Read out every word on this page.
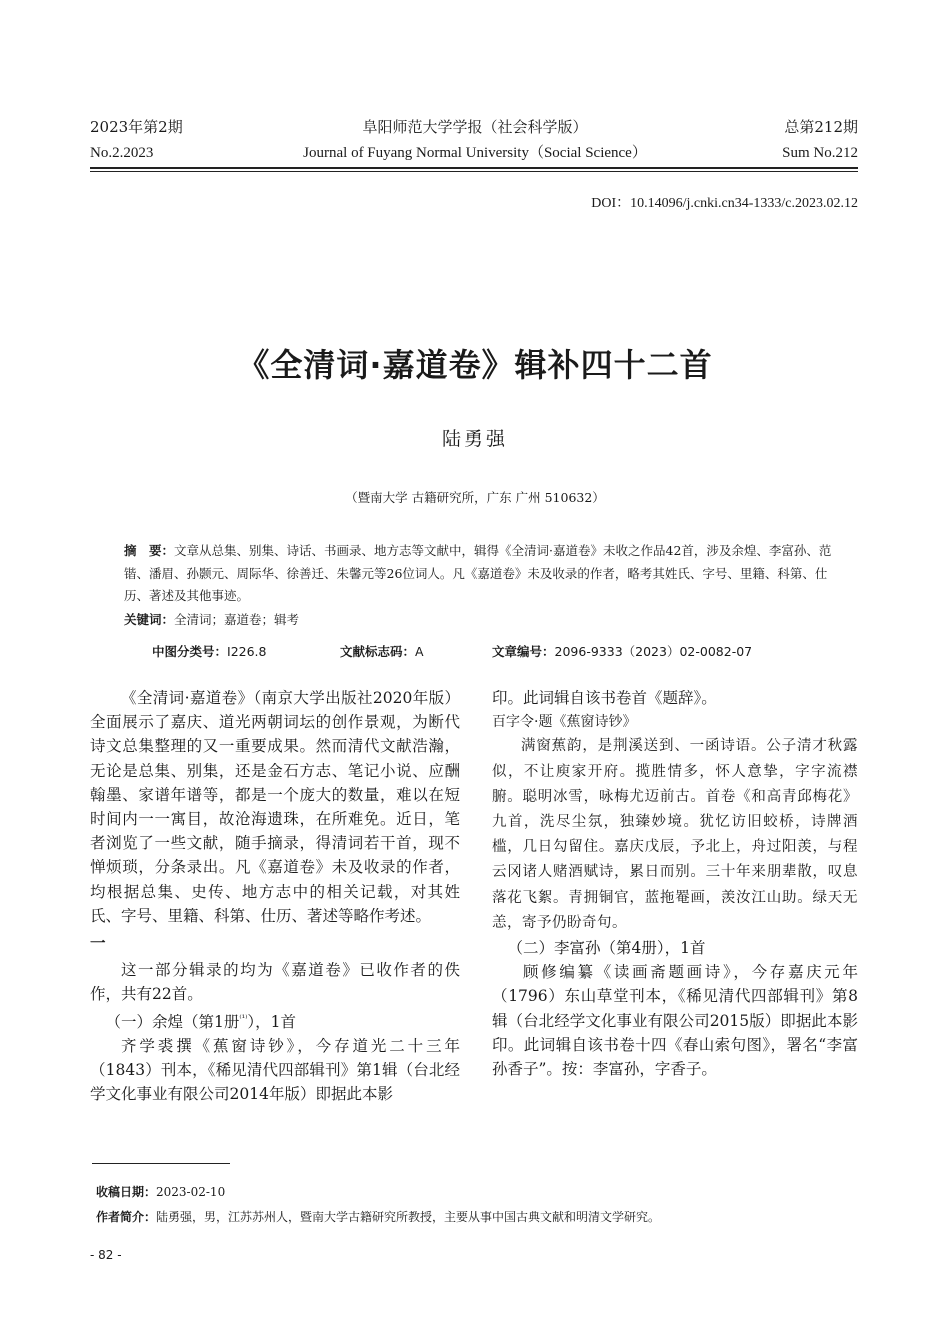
2023年第2期	阜阳师范大学学报（社会科学版）	总第212期
No.2.2023	Journal of Fuyang Normal University（Social Science）	Sum No.212
DOI：10.14096/j.cnki.cn34-1333/c.2023.02.12
《全清词·嘉道卷》辑补四十二首
陆勇强
（暨南大学 古籍研究所，广东 广州 510632）
摘　要：文章从总集、别集、诗话、书画录、地方志等文献中，辑得《全清词·嘉道卷》未收之作品42首，涉及余煌、李富孙、范锴、潘眉、孙颢元、周际华、徐善迁、朱馨元等26位词人。凡《嘉道卷》未及收录的作者，略考其姓氏、字号、里籍、科第、仕历、著述及其他事迹。
关键词：全清词；嘉道卷；辑考
中图分类号：I226.8	文献标志码：A	文章编号：2096-9333（2023）02-0082-07

《全清词·嘉道卷》（南京大学出版社2020年版）全面展示了嘉庆、道光两朝词坛的创作景观，为断代诗文总集整理的又一重要成果。然而清代文献浩瀚，无论是总集、别集，还是金石方志、笔记小说、应酬翰墨、家谱年谱等，都是一个庞大的数量，难以在短时间内一一寓目，故沧海遗珠，在所难免。近日，笔者浏览了一些文献，随手摘录，得清词若干首，现不惮烦琐，分条录出。凡《嘉道卷》未及收录的作者，均根据总集、史传、地方志中的相关记载，对其姓氏、字号、里籍、科第、仕历、著述等略作考述。

一

这一部分辑录的均为《嘉道卷》已收作者的佚作，共有22首。

（一）余煌（第1册$^{^{(1)}}$），1首

齐学裘撰《蕉窗诗钞》，今存道光二十三年（1843）刊本，《稀见清代四部辑刊》第1辑（台北经学文化事业有限公司2014年版）即据此本影

印。此词辑自该书卷首《题辞》。

百字令·题《蕉窗诗钞》

满窗蕉韵，是荆溪送到、一函诗语。公子清才秋露似，不让庾家开府。揽胜情多，怀人意挚，字字流襟腑。聪明冰雪，咏梅尤迈前古。首卷《和高青邱梅花》九首，洗尽尘氛，独臻妙境。犹忆访旧蛟桥，诗牌酒槛，几日勾留住。嘉庆戊辰，予北上，舟过阳羡，与程云冈诸人赌酒赋诗，累日而别。三十年来朋辈散，叹息落花飞絮。青拥铜官，蓝拖罨画，羡汝江山助。绿天无恙，寄予仍盼奇句。

（二）李富孙（第4册），1首

顾修编纂《读画斋题画诗》，今存嘉庆元年（1796）东山草堂刊本，《稀见清代四部辑刊》第8辑（台北经学文化事业有限公司2015版）即据此本影印。此词辑自该书卷十四《春山索句图》，署名“李富孙香子”。按：李富孙，字香子。

收稿日期：2023-02-10
作者简介：陆勇强，男，江苏苏州人，暨南大学古籍研究所教授，主要从事中国古典文献和明清文学研究。
- 82 -
